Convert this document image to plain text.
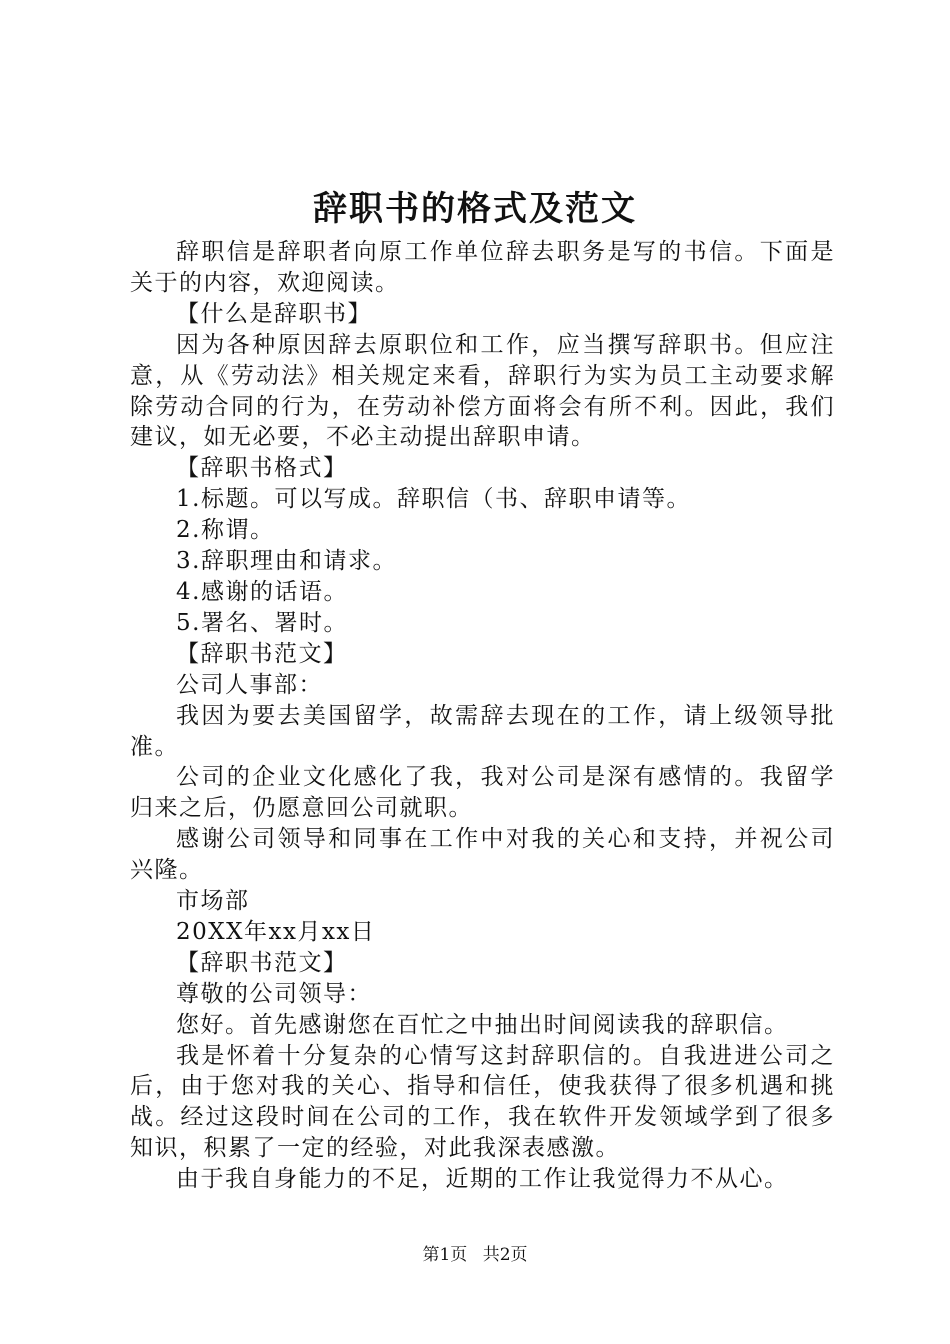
辞职书的格式及范文

辞职信是辞职者向原工作单位辞去职务是写的书信。下面是关于的内容，欢迎阅读。

【什么是辞职书】

因为各种原因辞去原职位和工作，应当撰写辞职书。但应注意，从《劳动法》相关规定来看，辞职行为实为员工主动要求解除劳动合同的行为，在劳动补偿方面将会有所不利。因此，我们建议，如无必要，不必主动提出辞职申请。

【辞职书格式】

1.标题。可以写成。辞职信（书、辞职申请等。

2.称谓。

3.辞职理由和请求。

4.感谢的话语。

5.署名、署时。

【辞职书范文】

公司人事部：

我因为要去美国留学，故需辞去现在的工作，请上级领导批准。

公司的企业文化感化了我，我对公司是深有感情的。我留学归来之后，仍愿意回公司就职。

感谢公司领导和同事在工作中对我的关心和支持，并祝公司兴隆。

市场部

20XX年xx月xx日

【辞职书范文】

尊敬的公司领导：

您好。首先感谢您在百忙之中抽出时间阅读我的辞职信。

我是怀着十分复杂的心情写这封辞职信的。自我进进公司之后，由于您对我的关心、指导和信任，使我获得了很多机遇和挑战。经过这段时间在公司的工作，我在软件开发领域学到了很多知识，积累了一定的经验，对此我深表感激。

由于我自身能力的不足，近期的工作让我觉得力不从心。

第1页 共2页
